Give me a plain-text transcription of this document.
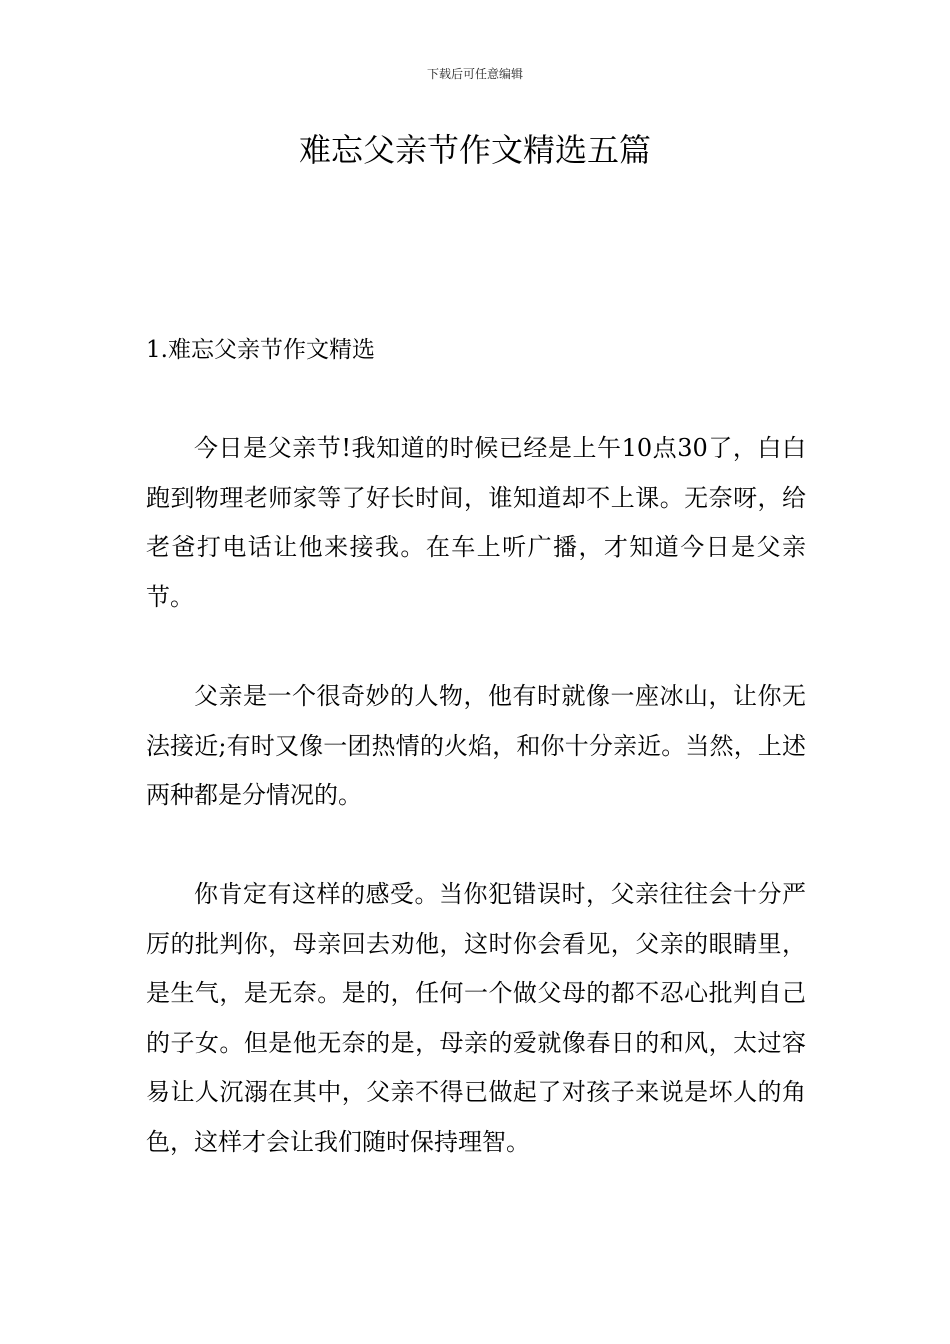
下载后可任意编辑
难忘父亲节作文精选五篇
1.难忘父亲节作文精选

今日是父亲节!我知道的时候已经是上午10点30了，白白跑到物理老师家等了好长时间，谁知道却不上课。无奈呀，给老爸打电话让他来接我。在车上听广播，才知道今日是父亲节。

父亲是一个很奇妙的人物，他有时就像一座冰山，让你无法接近;有时又像一团热情的火焰，和你十分亲近。当然，上述两种都是分情况的。

你肯定有这样的感受。当你犯错误时，父亲往往会十分严厉的批判你，母亲回去劝他，这时你会看见，父亲的眼睛里，是生气，是无奈。是的，任何一个做父母的都不忍心批判自己的子女。但是他无奈的是，母亲的爱就像春日的和风，太过容易让人沉溺在其中，父亲不得已做起了对孩子来说是坏人的角色，这样才会让我们随时保持理智。
